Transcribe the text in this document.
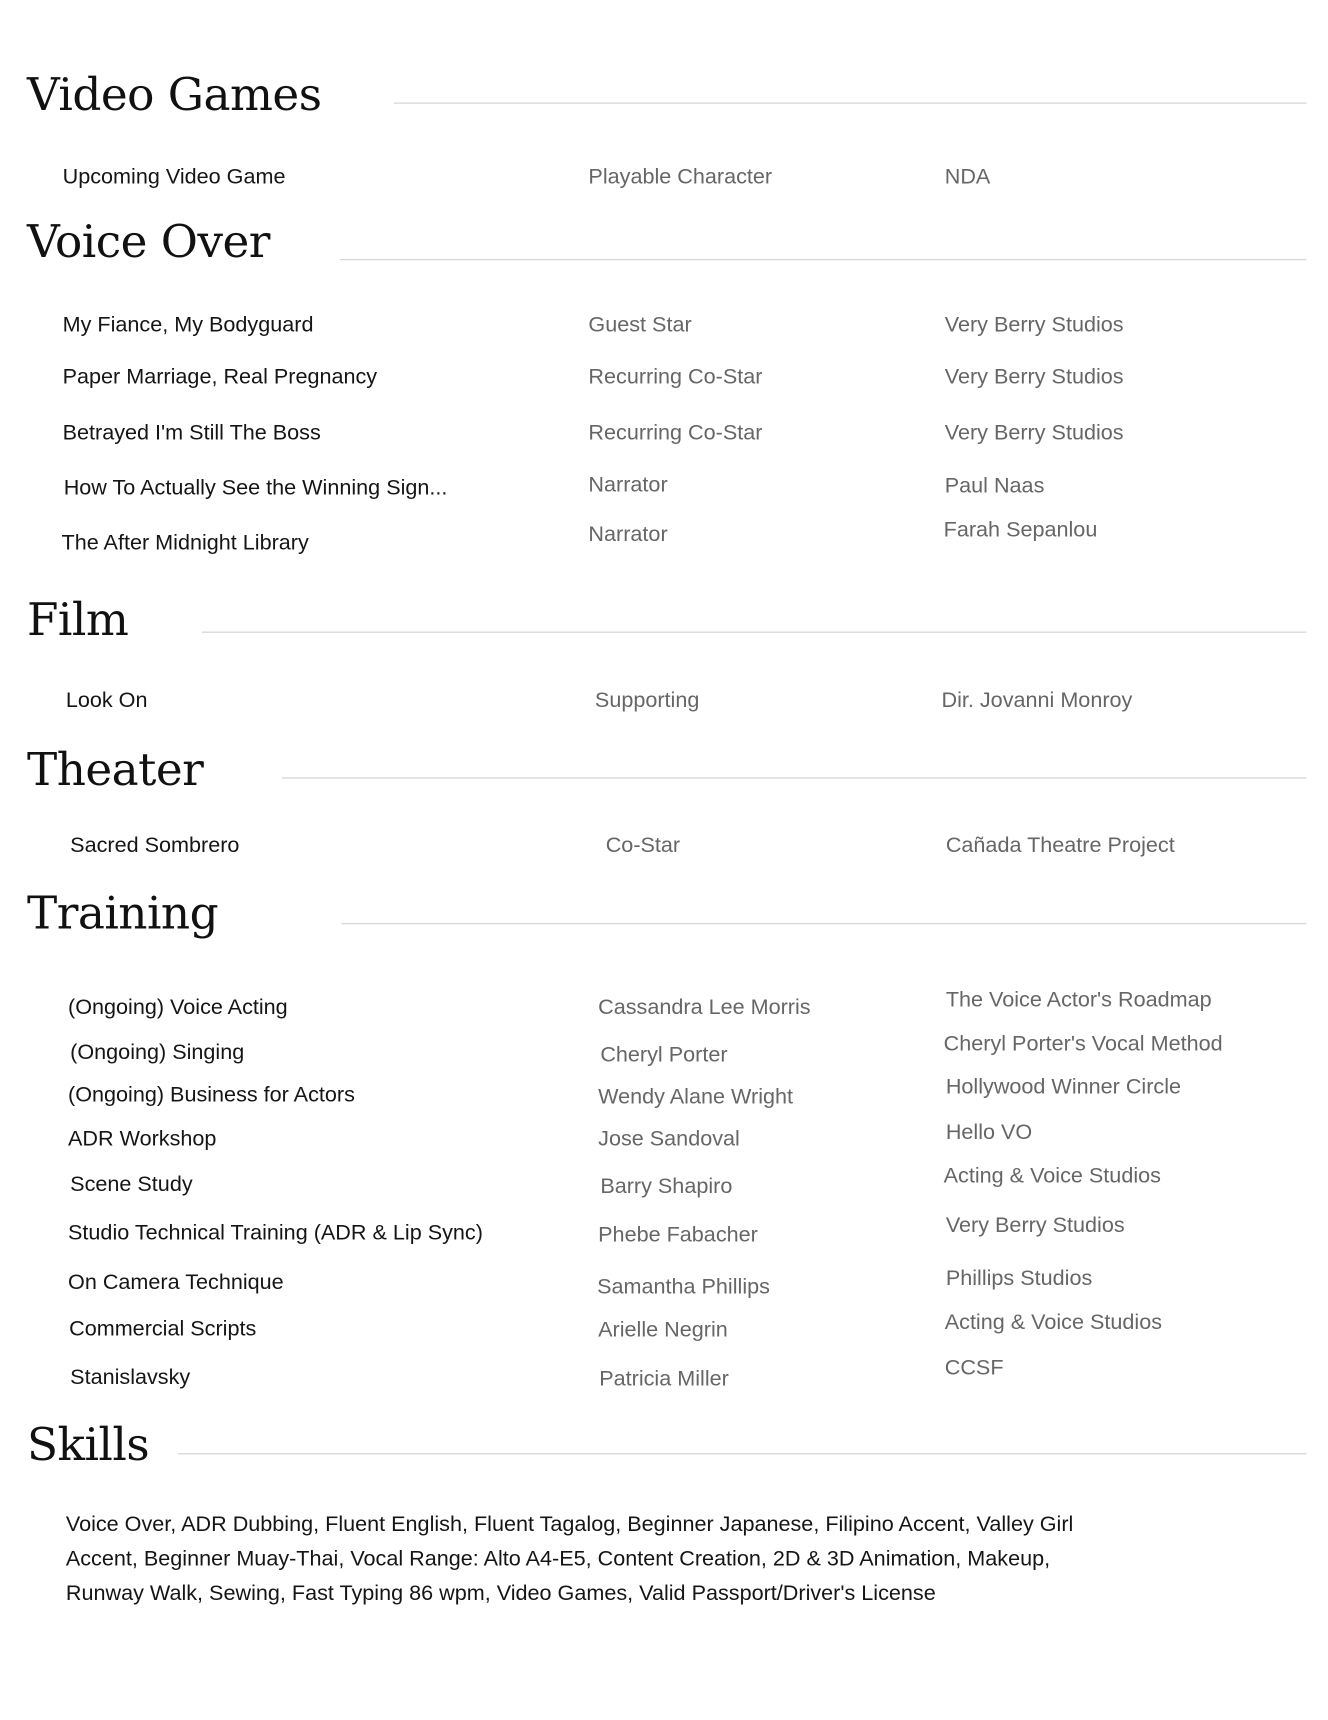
Video Games
Upcoming Video Game	Playable Character	NDA
Voice Over
My Fiance, My Bodyguard	Guest Star	Very Berry Studios
Paper Marriage, Real Pregnancy	Recurring Co-Star	Very Berry Studios
Betrayed I'm Still The Boss	Recurring Co-Star	Very Berry Studios
How To Actually See the Winning Sign...	Narrator	Paul Naas
The After Midnight Library	Narrator	Farah Sepanlou
Film
Look On	Supporting	Dir. Jovanni Monroy
Theater
Sacred Sombrero	Co-Star	Cañada Theatre Project
Training
(Ongoing) Voice Acting	Cassandra Lee Morris	The Voice Actor's Roadmap
(Ongoing) Singing	Cheryl Porter	Cheryl Porter's Vocal Method
(Ongoing) Business for Actors	Wendy Alane Wright	Hollywood Winner Circle
ADR Workshop	Jose Sandoval	Hello VO
Scene Study	Barry Shapiro	Acting & Voice Studios
Studio Technical Training (ADR & Lip Sync)	Phebe Fabacher	Very Berry Studios
On Camera Technique	Samantha Phillips	Phillips Studios
Commercial Scripts	Arielle Negrin	Acting & Voice Studios
Stanislavsky	Patricia Miller	CCSF
Skills
Voice Over, ADR Dubbing, Fluent English, Fluent Tagalog, Beginner Japanese, Filipino Accent, Valley Girl
Accent, Beginner Muay-Thai, Vocal Range: Alto A4-E5, Content Creation, 2D & 3D Animation, Makeup,
Runway Walk, Sewing, Fast Typing 86 wpm, Video Games, Valid Passport/Driver's License
